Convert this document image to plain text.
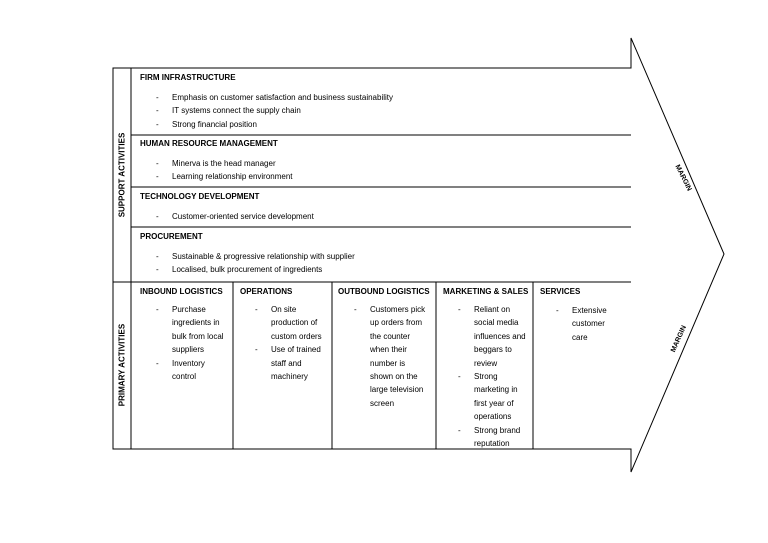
SUPPORT ACTIVITIES
PRIMARY ACTIVITIES
MARGIN
MARGIN
FIRM INFRASTRUCTURE
- Emphasis on customer satisfaction and business sustainability
- IT systems connect the supply chain
- Strong financial position
HUMAN RESOURCE MANAGEMENT
- Minerva is the head manager
- Learning relationship environment
TECHNOLOGY DEVELOPMENT
- Customer-oriented service development
PROCUREMENT
- Sustainable & progressive relationship with supplier
- Localised, bulk procurement of ingredients
INBOUND LOGISTICS
- Purchase ingredients in bulk from local suppliers
- Inventory control
OPERATIONS
- On site production of custom orders
- Use of trained staff and machinery
OUTBOUND LOGISTICS
- Customers pick up orders from the counter when their number is shown on the large television screen
MARKETING & SALES
- Reliant on social media influences and beggars to review
- Strong marketing in first year of operations
- Strong brand reputation
SERVICES
- Extensive customer care
